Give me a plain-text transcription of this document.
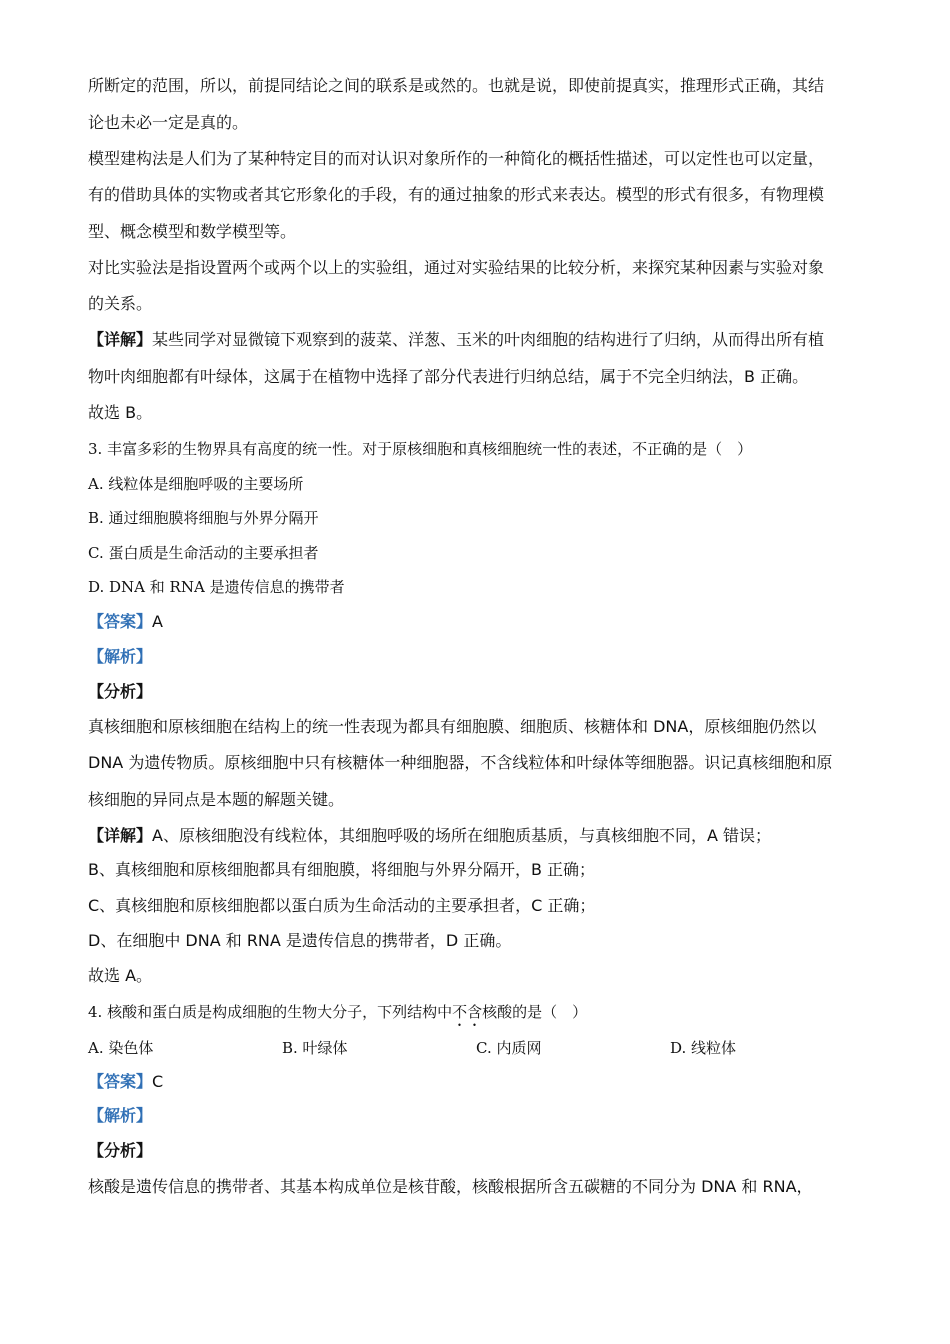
所断定的范围，所以，前提同结论之间的联系是或然的。也就是说，即使前提真实，推理形式正确，其结
论也未必一定是真的。
模型建构法是人们为了某种特定目的而对认识对象所作的一种简化的概括性描述，可以定性也可以定量，
有的借助具体的实物或者其它形象化的手段，有的通过抽象的形式来表达。模型的形式有很多，有物理模
型、概念模型和数学模型等。
对比实验法是指设置两个或两个以上的实验组，通过对实验结果的比较分析，来探究某种因素与实验对象
的关系。
【详解】某些同学对显微镜下观察到的菠菜、洋葱、玉米的叶肉细胞的结构进行了归纳，从而得出所有植
物叶肉细胞都有叶绿体，这属于在植物中选择了部分代表进行归纳总结，属于不完全归纳法，B 正确。
故选 B。
3. 丰富多彩的生物界具有高度的统一性。对于原核细胞和真核细胞统一性的表述，不正确的是（　）
A. 线粒体是细胞呼吸的主要场所
B. 通过细胞膜将细胞与外界分隔开
C. 蛋白质是生命活动的主要承担者
D. DNA 和 RNA 是遗传信息的携带者
【答案】A
【解析】
【分析】
真核细胞和原核细胞在结构上的统一性表现为都具有细胞膜、细胞质、核糖体和 DNA，原核细胞仍然以
DNA 为遗传物质。原核细胞中只有核糖体一种细胞器，不含线粒体和叶绿体等细胞器。识记真核细胞和原
核细胞的异同点是本题的解题关键。
【详解】A、原核细胞没有线粒体，其细胞呼吸的场所在细胞质基质，与真核细胞不同，A 错误；
B、真核细胞和原核细胞都具有细胞膜，将细胞与外界分隔开，B 正确；
C、真核细胞和原核细胞都以蛋白质为生命活动的主要承担者，C 正确；
D、在细胞中 DNA 和 RNA 是遗传信息的携带者，D 正确。
故选 A。
4. 核酸和蛋白质是构成细胞的生物大分子，下列结构中不含核酸的是（　）
A. 染色体	B. 叶绿体	C. 内质网	D. 线粒体
【答案】C
【解析】
【分析】
核酸是遗传信息的携带者、其基本构成单位是核苷酸，核酸根据所含五碳糖的不同分为 DNA 和 RNA，
